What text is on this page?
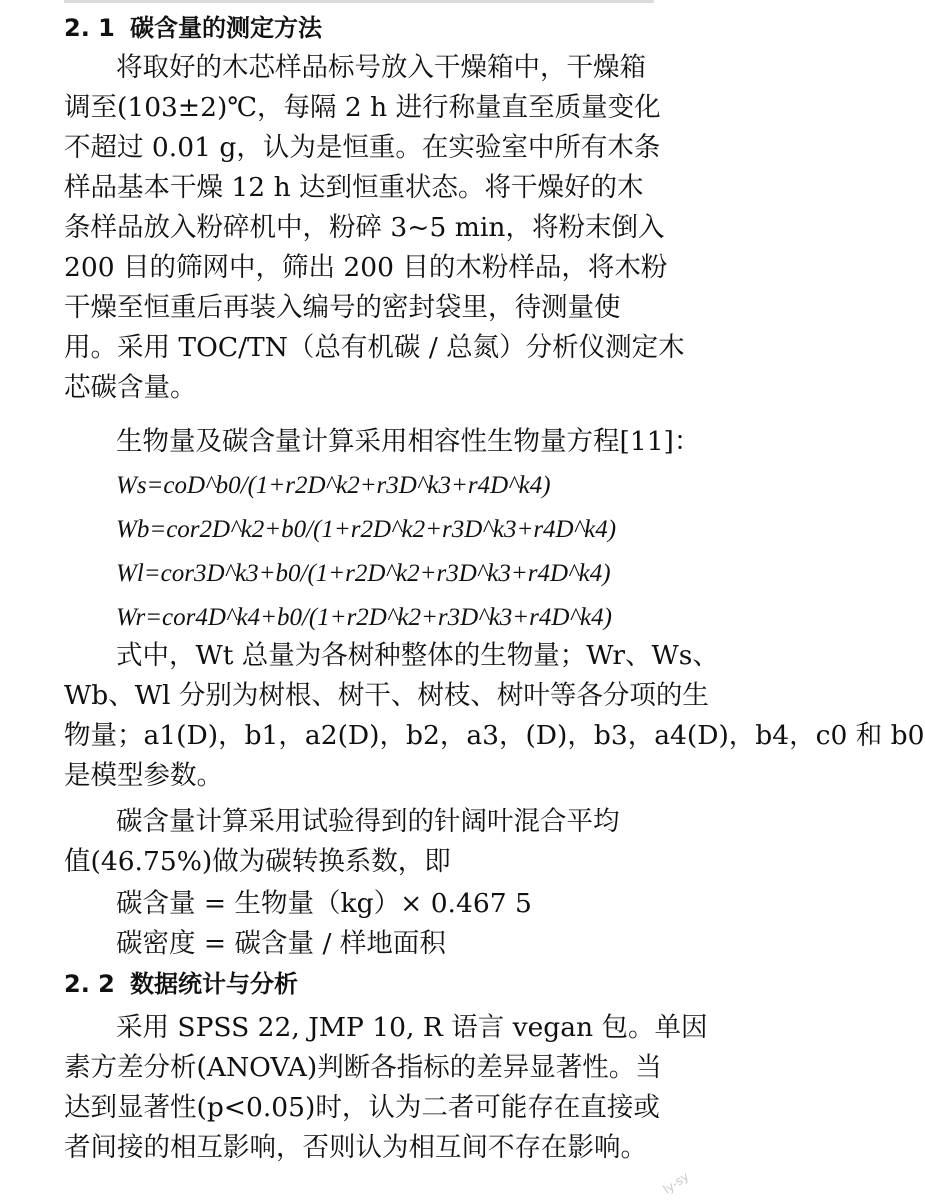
2. 1 碳含量的测定方法
将取好的木芯样品标号放入干燥箱中，干燥箱
调至(103±2)℃，每隔 2 h 进行称量直至质量变化
不超过 0.01 g，认为是恒重。在实验室中所有木条
样品基本干燥 12 h 达到恒重状态。将干燥好的木
条样品放入粉碎机中，粉碎 3~5 min，将粉末倒入
200 目的筛网中，筛出 200 目的木粉样品，将木粉
干燥至恒重后再装入编号的密封袋里，待测量使
用。采用 TOC/TN（总有机碳 / 总氮）分析仪测定木
芯碳含量。
生物量及碳含量计算采用相容性生物量方程[11]：
Ws=coD^b0/(1+r2D^k2+r3D^k3+r4D^k4)
Wb=cor2D^k2+b0/(1+r2D^k2+r3D^k3+r4D^k4)
Wl=cor3D^k3+b0/(1+r2D^k2+r3D^k3+r4D^k4)
Wr=cor4D^k4+b0/(1+r2D^k2+r3D^k3+r4D^k4)
式中，Wt 总量为各树种整体的生物量；Wr、Ws、
Wb、Wl 分别为树根、树干、树枝、树叶等各分项的生
物量；a1(D)，b1，a2(D)，b2，a3，(D)，b3，a4(D)，b4，c0 和 b0
是模型参数。
碳含量计算采用试验得到的针阔叶混合平均
值(46.75%)做为碳转换系数，即
碳含量 = 生物量（kg）× 0.467 5
碳密度 = 碳含量 / 样地面积
2. 2 数据统计与分析
采用 SPSS 22, JMP 10, R 语言 vegan 包。单因
素方差分析(ANOVA)判断各指标的差异显著性。当
达到显著性(p<0.05)时，认为二者可能存在直接或
者间接的相互影响，否则认为相互间不存在影响。
ly-sy
